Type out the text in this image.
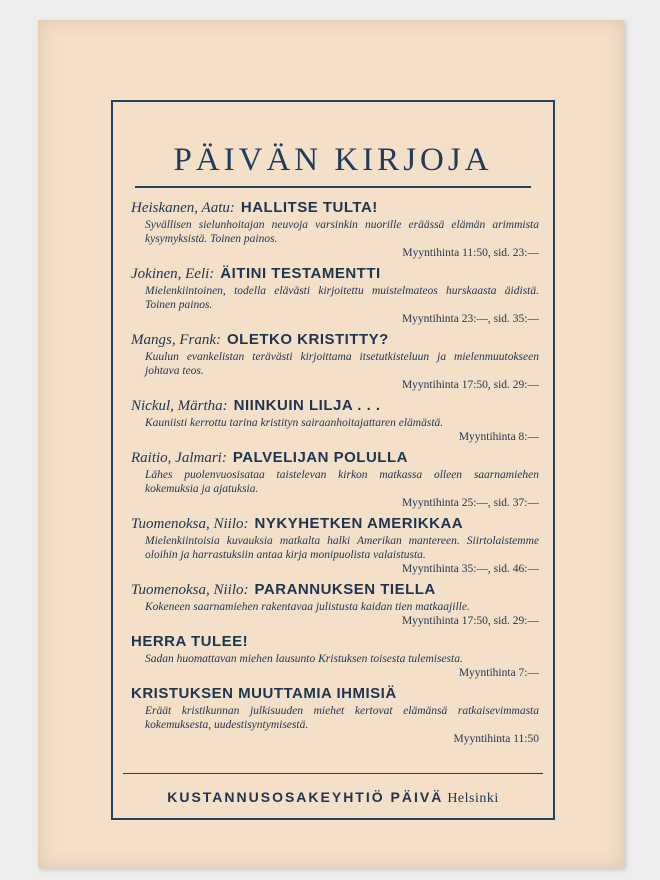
PÄIVÄN KIRJOJA
Heiskanen, Aatu: HALLITSE TULTA!
Syvällisen sielunhoitajan neuvoja varsinkin nuorille eräässä elämän arimmista kysymyksistä. Toinen painos.
Myyntihinta 11:50, sid. 23:—
Jokinen, Eeli: ÄITINI TESTAMENTTI
Mielenkiintoinen, todella elävästi kirjoitettu muistelmateos hurskaasta äidistä. Toinen painos.
Myyntihinta 23:—, sid. 35:—
Mangs, Frank: OLETKO KRISTITTY?
Kuulun evankelistan terävästi kirjoittama itsetutkisteluun ja mielenmuutokseen johtava teos.
Myyntihinta 17:50, sid. 29:—
Nickul, Märtha: NIINKUIN LILJA . . .
Kauniisti kerrottu tarina kristityn sairaanhoitajattaren elämästä.
Myyntihinta 8:—
Raitio, Jalmari: PALVELIJAN POLULLA
Lähes puolenvuosisataa taistelevan kirkon matkassa olleen saarnamiehen kokemuksia ja ajatuksia.
Myyntihinta 25:—, sid. 37:—
Tuomenoksa, Niilo: NYKYHETKEN AMERIKKAA
Mielenkiintoisia kuvauksia matkalta halki Amerikan mantereen. Siirtolaistemme oloihin ja harrastuksiin antaa kirja monipuolista valaistusta.
Myyntihinta 35:—, sid. 46:—
Tuomenoksa, Niilo: PARANNUKSEN TIELLA
Kokeneen saarnamiehen rakentavaa julistusta kaidan tien matkaajille.
Myyntihinta 17:50, sid. 29:—
HERRA TULEE!
Sadan huomattavan miehen lausunto Kristuksen toisesta tulemisesta.
Myyntihinta 7:—
KRISTUKSEN MUUTTAMIA IHMISIÄ
Eräät kristikunnan julkisuuden miehet kertovat elämänsä ratkaisevimmasta kokemuksesta, uudestisyntymisestä.
Myyntihinta 11:50
KUSTANNUSOSAKEYHTIÖ PÄIVÄ Helsinki
